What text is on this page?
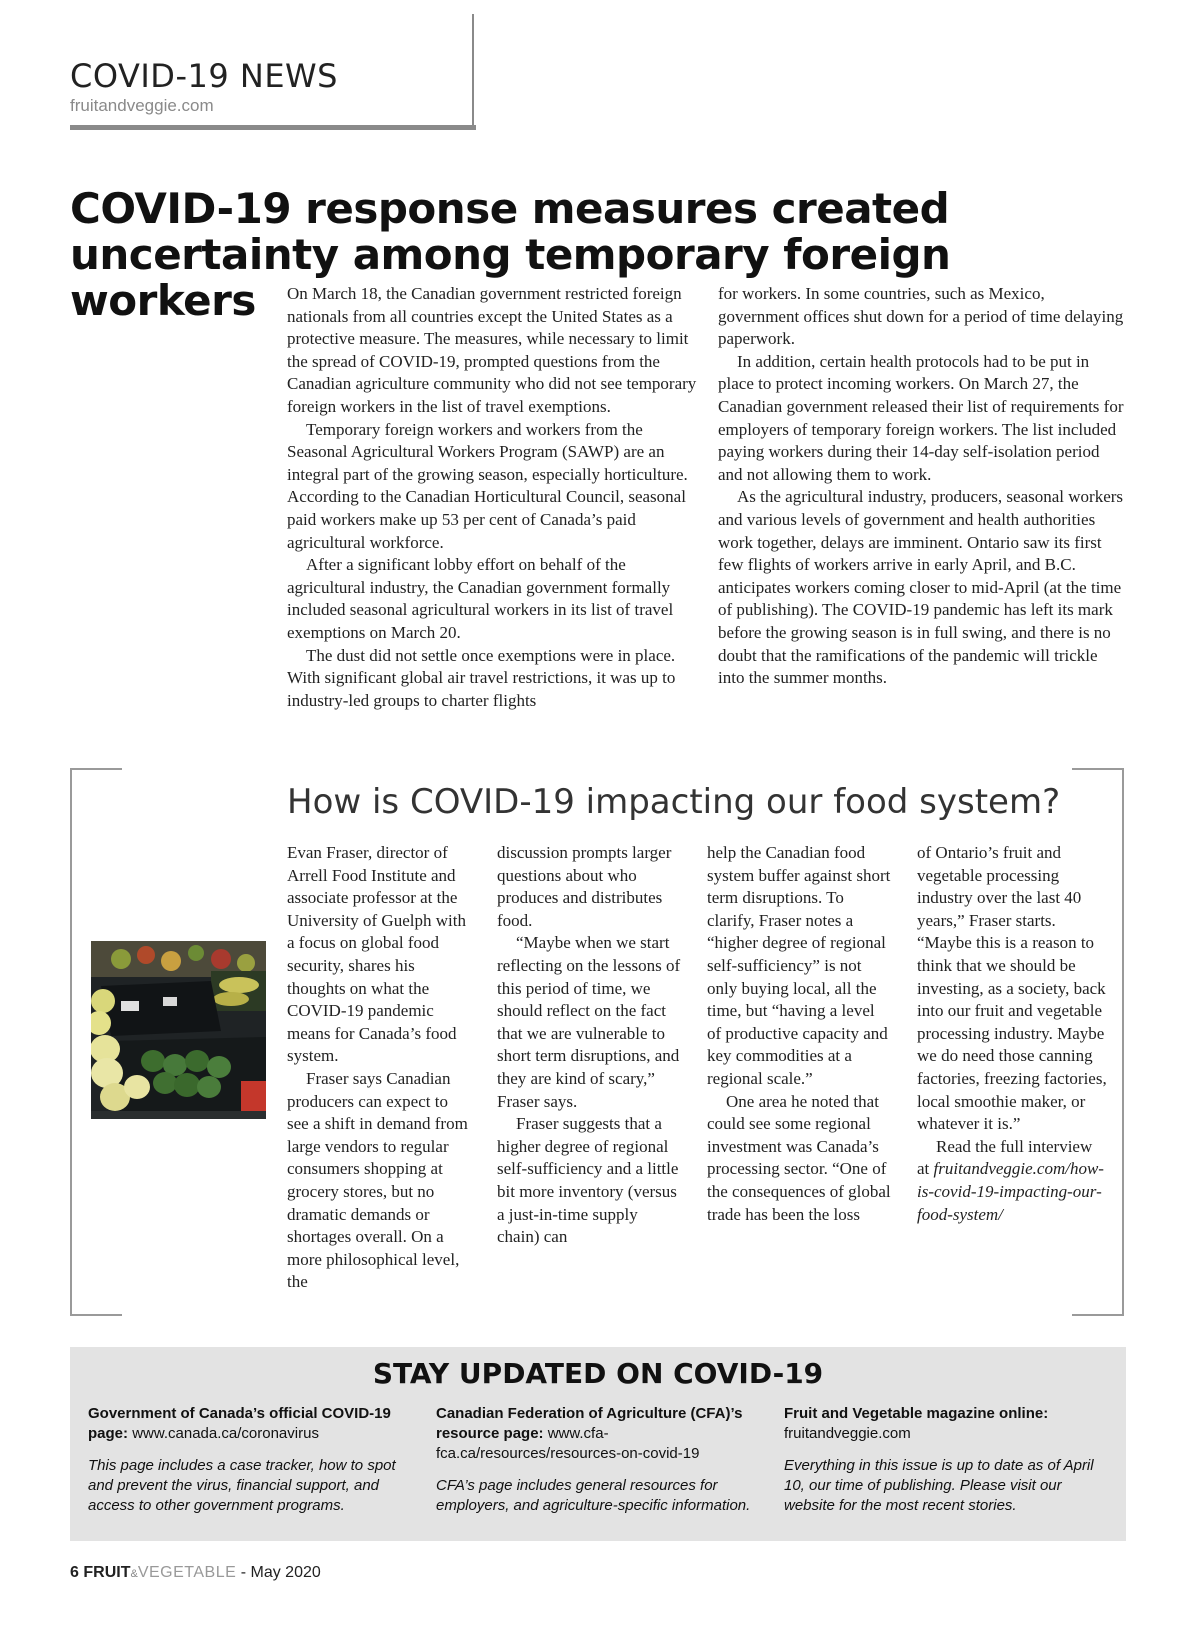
COVID-19 NEWS
fruitandveggie.com
COVID-19 response measures created uncertainty among temporary foreign workers	On March 18, the Canadian government restricted foreign nationals from all countries except the United States as a protective measure. The measures, while necessary to limit the spread of COVID-19, prompted questions from the Canadian agriculture community who did not see temporary foreign workers in the list of travel exemptions.

Temporary foreign workers and workers from the Seasonal Agricultural Workers Program (SAWP) are an integral part of the growing season, especially horticulture. According to the Canadian Horticultural Council, seasonal paid workers make up 53 per cent of Canada’s paid agricultural workforce.

After a significant lobby effort on behalf of the agricultural industry, the Canadian government formally included seasonal agricultural workers in its list of travel exemptions on March 20.

The dust did not settle once exemptions were in place. With significant global air travel restrictions, it was up to industry-led groups to charter flights

for workers. In some countries, such as Mexico, government offices shut down for a period of time delaying paperwork.

In addition, certain health protocols had to be put in place to protect incoming workers. On March 27, the Canadian government released their list of requirements for employers of temporary foreign workers. The list included paying workers during their 14-day self-isolation period and not allowing them to work.

As the agricultural industry, producers, seasonal workers and various levels of government and health authorities work together, delays are imminent. Ontario saw its first few flights of workers arrive in early April, and B.C. anticipates workers coming closer to mid-April (at the time of publishing). The COVID-19 pandemic has left its mark before the growing season is in full swing, and there is no doubt that the ramifications of the pandemic will trickle into the summer months.

How is COVID-19 impacting our food system?

Evan Fraser, director of Arrell Food Institute and associate professor at the University of Guelph with a focus on global food security, shares his thoughts on what the COVID-19 pandemic means for Canada’s food system.

Fraser says Canadian producers can expect to see a shift in demand from large vendors to regular consumers shopping at grocery stores, but no dramatic demands or shortages overall. On a more philosophical level, the

discussion prompts larger questions about who produces and distributes food.

“Maybe when we start reflecting on the lessons of this period of time, we should reflect on the fact that we are vulnerable to short term disruptions, and they are kind of scary,” Fraser says.

Fraser suggests that a higher degree of regional self-sufficiency and a little bit more inventory (versus a just-in-time supply chain) can

help the Canadian food system buffer against short term disruptions. To clarify, Fraser notes a “higher degree of regional self-sufficiency” is not only buying local, all the time, but “having a level of productive capacity and key commodities at a regional scale.”

One area he noted that could see some regional investment was Canada’s processing sector. “One of the consequences of global trade has been the loss

of Ontario’s fruit and vegetable processing industry over the last 40 years,” Fraser starts. “Maybe this is a reason to think that we should be investing, as a society, back into our fruit and vegetable processing industry. Maybe we do need those canning factories, freezing factories, local smoothie maker, or whatever it is.”

Read the full interview at fruitandveggie.com/how-is-covid-19-impacting-our-food-system/

STAY UPDATED ON COVID-19
Government of Canada’s official COVID-19 page: www.canada.ca/coronavirus
This page includes a case tracker, how to spot and prevent the virus, financial support, and access to other government programs.
Canadian Federation of Agriculture (CFA)’s resource page: www.cfa-fca.ca/resources/resources-on-covid-19
CFA’s page includes general resources for employers, and agriculture-specific information.
Fruit and Vegetable magazine online:
fruitandveggie.com
Everything in this issue is up to date as of April 10, our time of publishing. Please visit our website for the most recent stories.
6 FRUIT&VEGETABLE - May 2020
